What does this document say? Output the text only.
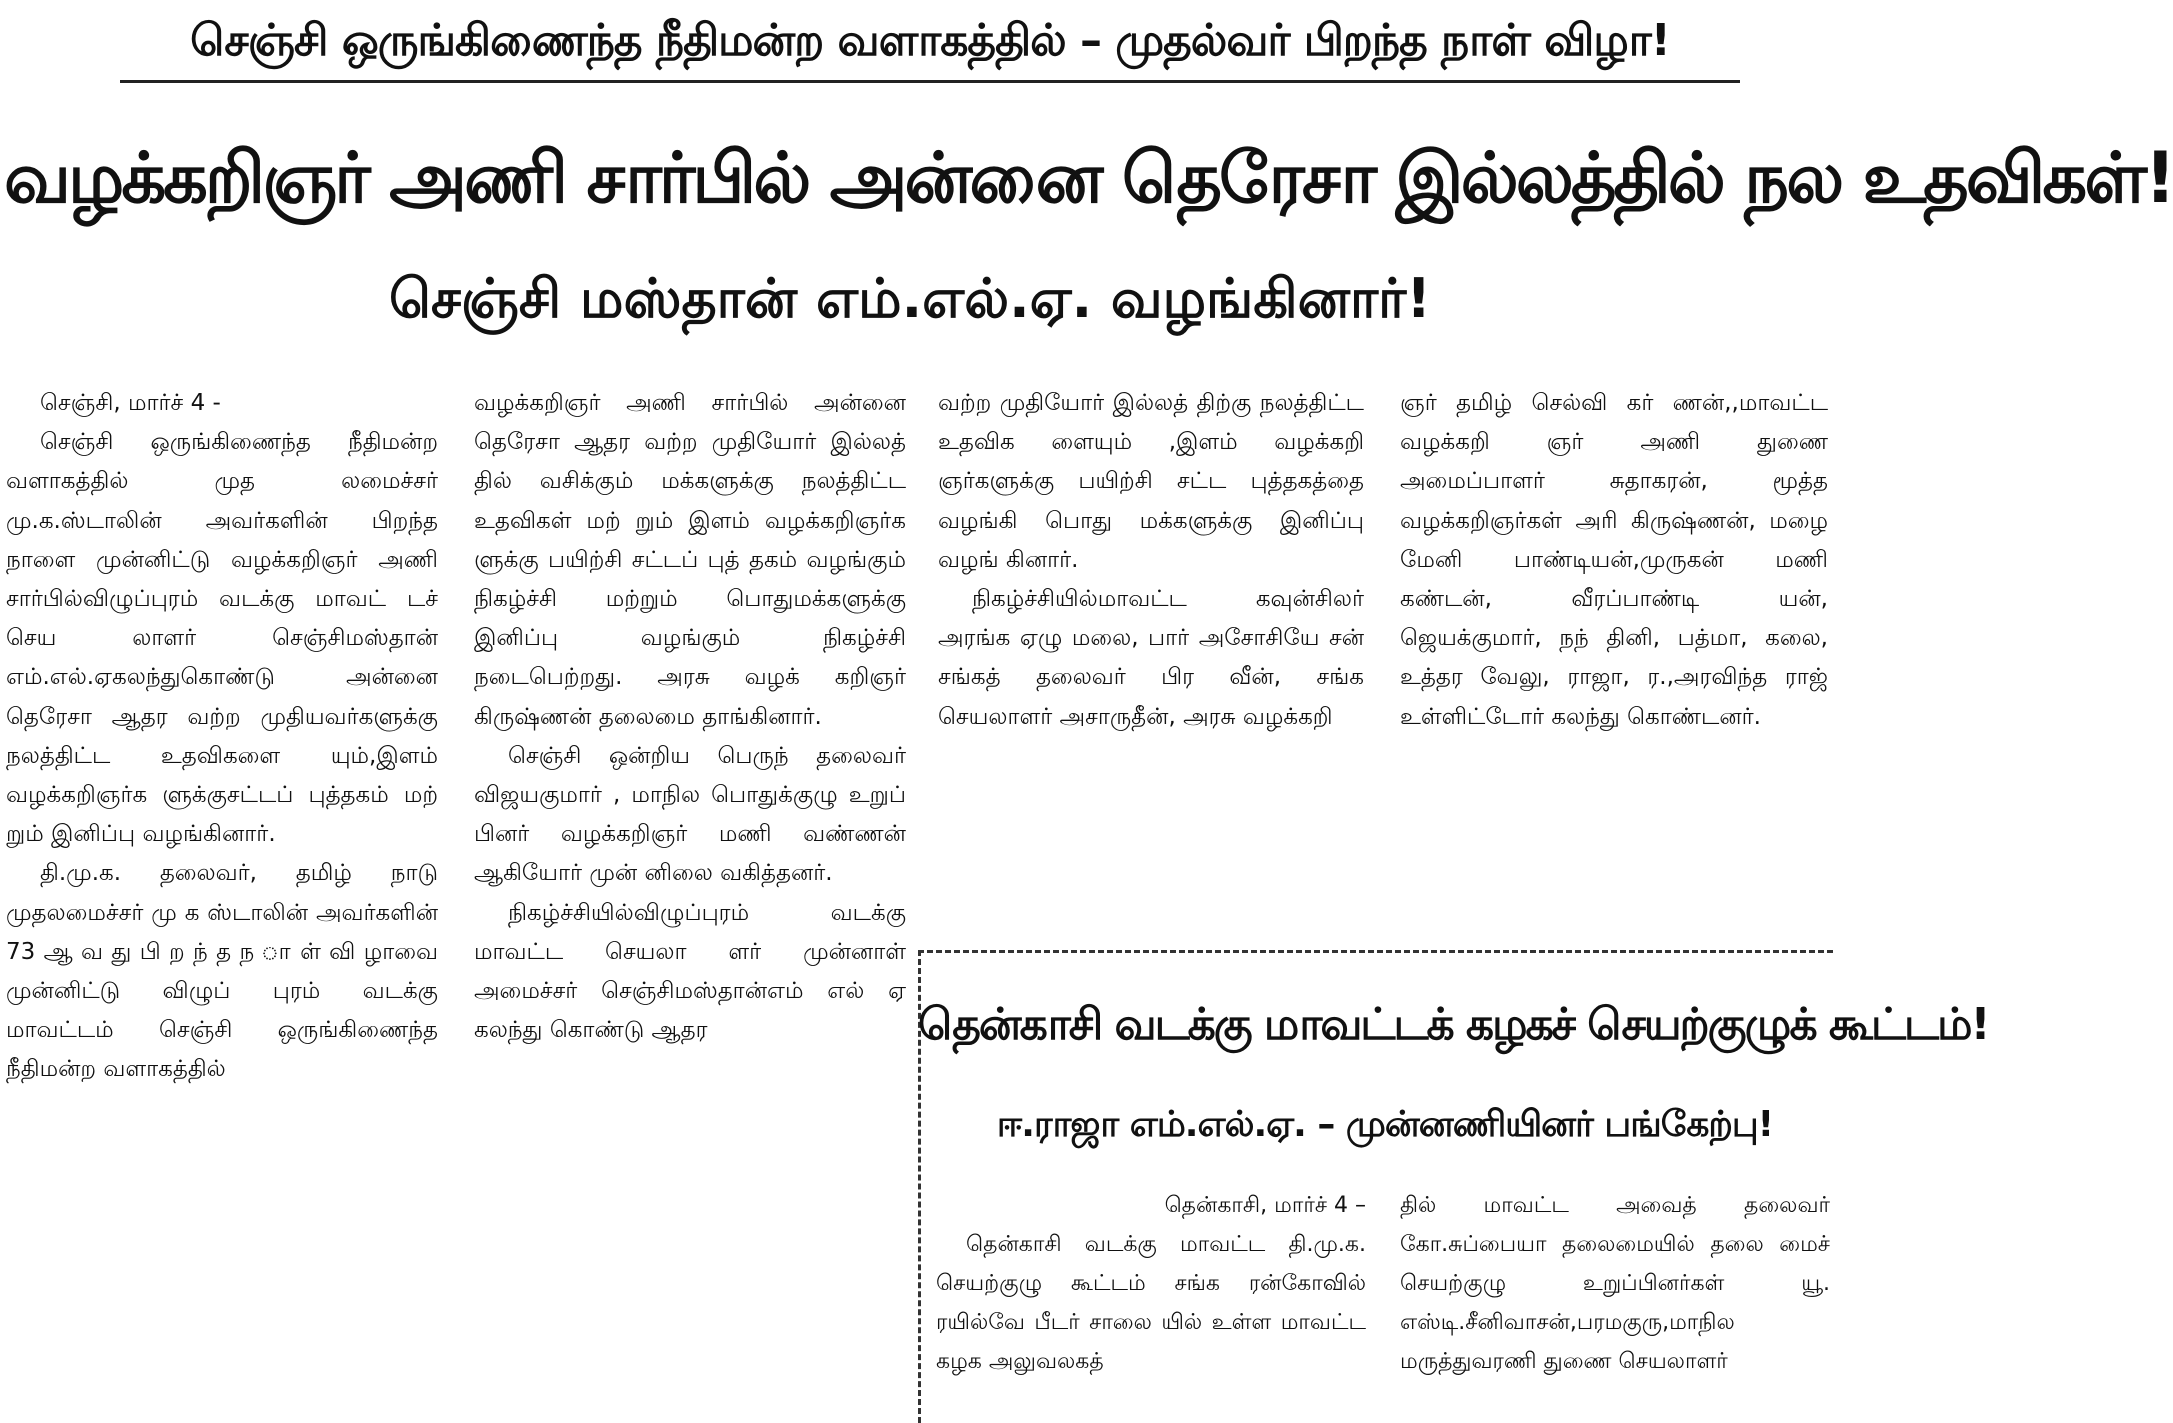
செஞ்சி ஒருங்கிணைந்த நீதிமன்ற வளாகத்தில் – முதல்வர் பிறந்த நாள் விழா!
வழக்கறிஞர் அணி சார்பில் அன்னை தெரேசா இல்லத்தில் நல உதவிகள்!
செஞ்சி மஸ்தான் எம்.எல்.ஏ. வழங்கினார்!

செஞ்சி, மார்ச் 4 -

செஞ்சி ஒருங்கிணைந்த நீதிமன்ற வளாகத்தில் முத லமைச்சர் மு.க.ஸ்டாலின் அவர்களின் பிறந்த நாளை முன்னிட்டு வழக்கறிஞர் அணி சார்பில்விழுப்புரம் வடக்கு மாவட் டச் செய லாளர் செஞ்சிமஸ்தான் எம்.எல்.ஏகலந்துகொண்டு அன்னை தெரேசா ஆதர வற்ற முதியவர்களுக்கு நலத்திட்ட உதவிகளை யும்,இளம் வழக்கறிஞர்க ளுக்குசட்டப் புத்தகம் மற் றும் இனிப்பு வழங்கினார்.

தி.மு.க. தலைவர், தமிழ் நாடு முதலமைச்சர் மு க ஸ்டாலின் அவர்களின் 73 ஆ வ து பி ற ந் த ந ா ள் வி ழாவை முன்னிட்டு விழுப் புரம் வடக்கு மாவட்டம் செஞ்சி ஒருங்கிணைந்த நீதிமன்ற வளாகத்தில்

வழக்கறிஞர் அணி சார்பில் அன்னை தெரேசா ஆதர வற்ற முதியோர் இல்லத் தில் வசிக்கும் மக்களுக்கு நலத்திட்ட உதவிகள் மற் றும் இளம் வழக்கறிஞர்க ளுக்கு பயிற்சி சட்டப் புத் தகம் வழங்கும் நிகழ்ச்சி மற்றும் பொதுமக்களுக்கு இனிப்பு வழங்கும் நிகழ்ச்சி நடைபெற்றது. அரசு வழக் கறிஞர் கிருஷ்ணன் தலைமை தாங்கினார்.

செஞ்சி ஒன்றிய பெருந் தலைவர் விஜயகுமார் , மாநில பொதுக்குழு உறுப் பினர் வழக்கறிஞர் மணி வண்ணன் ஆகியோர் முன் னிலை வகித்தனர்.

நிகழ்ச்சியில்விழுப்புரம் வடக்கு மாவட்ட செயலா ளர் முன்னாள் அமைச்சர் செஞ்சிமஸ்தான்எம் எல் ஏ கலந்து கொண்டு ஆதர

வற்ற முதியோர் இல்லத் திற்கு நலத்திட்ட உதவிக ளையும் ,இளம் வழக்கறி ஞர்களுக்கு பயிற்சி சட்ட புத்தகத்தை வழங்கி பொது மக்களுக்கு இனிப்பு வழங் கினார்.

நிகழ்ச்சியில்மாவட்ட கவுன்சிலர் அரங்க ஏழு மலை, பார் அசோசியே சன் சங்கத் தலைவர் பிர வீன், சங்க செயலாளர் அசாருதீன், அரசு வழக்கறி

ஞர் தமிழ் செல்வி கர் ணன்,,மாவட்ட வழக்கறி ஞர் அணி துணை அமைப்பாளர் சுதாகரன், மூத்த வழக்கறிஞர்கள் அரி கிருஷ்ணன், மழை மேனி பாண்டியன்,முருகன் மணி கண்டன், வீரப்பாண்டி யன், ஜெயக்குமார், நந் தினி, பத்மா, கலை, உத்தர வேலு, ராஜா, ர.,அரவிந்த ராஜ் உள்ளிட்டோர் கலந்து கொண்டனர்.

தென்காசி வடக்கு மாவட்டக் கழகச் செயற்குழுக் கூட்டம்!
ஈ.ராஜா எம்.எல்.ஏ. – முன்னணியினர் பங்கேற்பு!

தென்காசி, மார்ச் 4 –

தென்காசி வடக்கு மாவட்ட தி.மு.க. செயற்குழு கூட்டம் சங்க ரன்கோவில் ரயில்வே பீடர் சாலை யில் உள்ள மாவட்ட கழக அலுவலகத்

தில் மாவட்ட அவைத் தலைவர் கோ.சுப்பையா தலைமையில் தலை மைச் செயற்குழு உறுப்பினர்கள் யூ. எஸ்டி.சீனிவாசன்,பரமகுரு,மாநில மருத்துவரணி துணை செயலாளர்
